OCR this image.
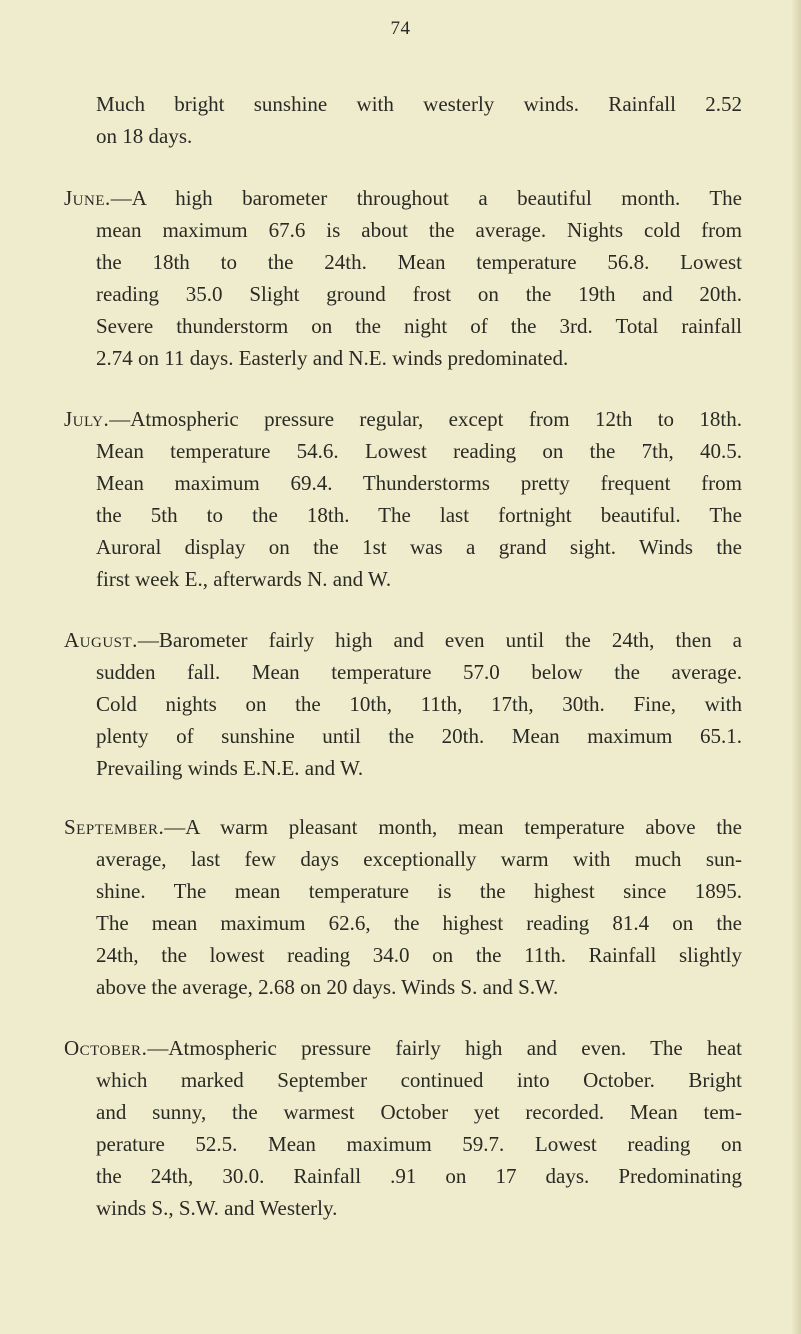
74
Much bright sunshine with westerly winds. Rainfall 2.52
on 18 days.
June.—A high barometer throughout a beautiful month. The
mean maximum 67.6 is about the average. Nights cold from
the 18th to the 24th. Mean temperature 56.8. Lowest
reading 35.0 Slight ground frost on the 19th and 20th.
Severe thunderstorm on the night of the 3rd. Total rainfall
2.74 on 11 days. Easterly and N.E. winds predominated.
July.—Atmospheric pressure regular, except from 12th to 18th.
Mean temperature 54.6. Lowest reading on the 7th, 40.5.
Mean maximum 69.4. Thunderstorms pretty frequent from
the 5th to the 18th. The last fortnight beautiful. The
Auroral display on the 1st was a grand sight. Winds the
first week E., afterwards N. and W.
August.—Barometer fairly high and even until the 24th, then a
sudden fall. Mean temperature 57.0 below the average.
Cold nights on the 10th, 11th, 17th, 30th. Fine, with
plenty of sunshine until the 20th. Mean maximum 65.1.
Prevailing winds E.N.E. and W.
September.—A warm pleasant month, mean temperature above the
average, last few days exceptionally warm with much sun-
shine. The mean temperature is the highest since 1895.
The mean maximum 62.6, the highest reading 81.4 on the
24th, the lowest reading 34.0 on the 11th. Rainfall slightly
above the average, 2.68 on 20 days. Winds S. and S.W.
October.—Atmospheric pressure fairly high and even. The heat
which marked September continued into October. Bright
and sunny, the warmest October yet recorded. Mean tem-
perature 52.5. Mean maximum 59.7. Lowest reading on
the 24th, 30.0. Rainfall .91 on 17 days. Predominating
winds S., S.W. and Westerly.
